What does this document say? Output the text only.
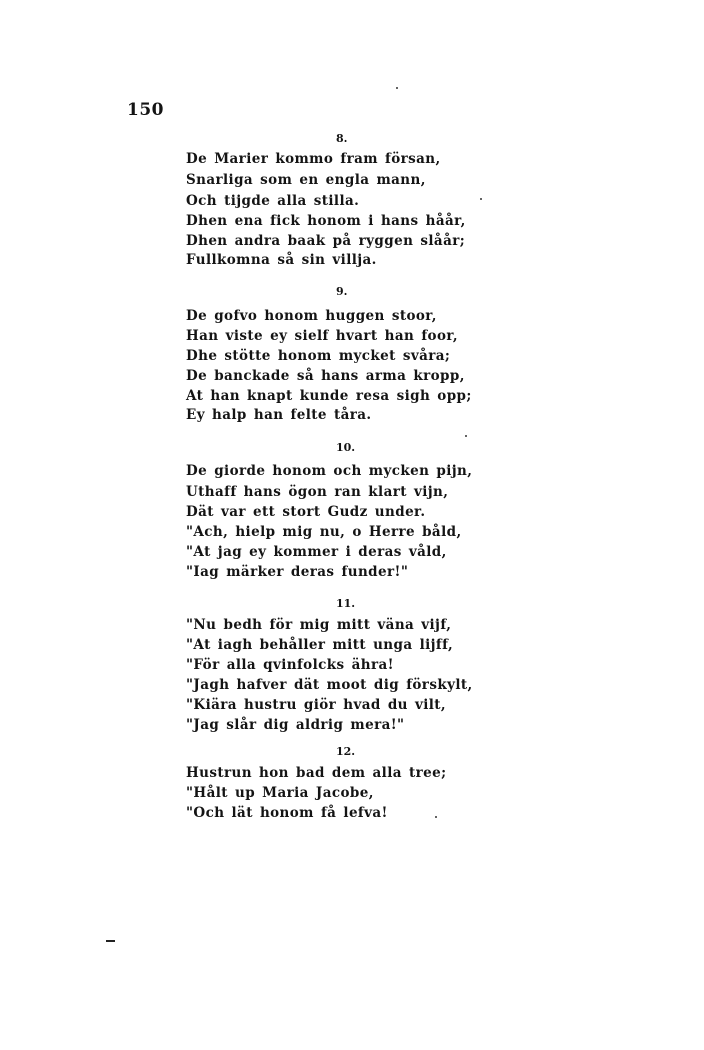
150
8.
De Marier kommo fram försan,
Snarliga som en engla mann,
Och tijgde alla stilla.
Dhen ena fick honom i hans håår,
Dhen andra baak på ryggen slåår;
Fullkomna så sin villja.
9.
De gofvo honom huggen stoor,
Han viste ey sielf hvart han foor,
Dhe stötte honom mycket svåra;
De banckade så hans arma kropp,
At han knapt kunde resa sigh opp;
Ey halp han felte tåra.
10.
De giorde honom och mycken pijn,
Uthaff hans ögon ran klart vijn,
Dät var ett stort Gudz under.
"Ach, hielp mig nu, o Herre båld,
"At jag ey kommer i deras våld,
"Iag märker deras funder!"
11.
"Nu bedh för mig mitt väna vijf,
"At iagh behåller mitt unga lijff,
"För alla qvinfolcks ähra!
"Jagh hafver dät moot dig förskylt,
"Kiära hustru giör hvad du vilt,
"Jag slår dig aldrig mera!"
12.
Hustrun hon bad dem alla tree;
"Hålt up Maria Jacobe,
"Och lät honom få lefva!
